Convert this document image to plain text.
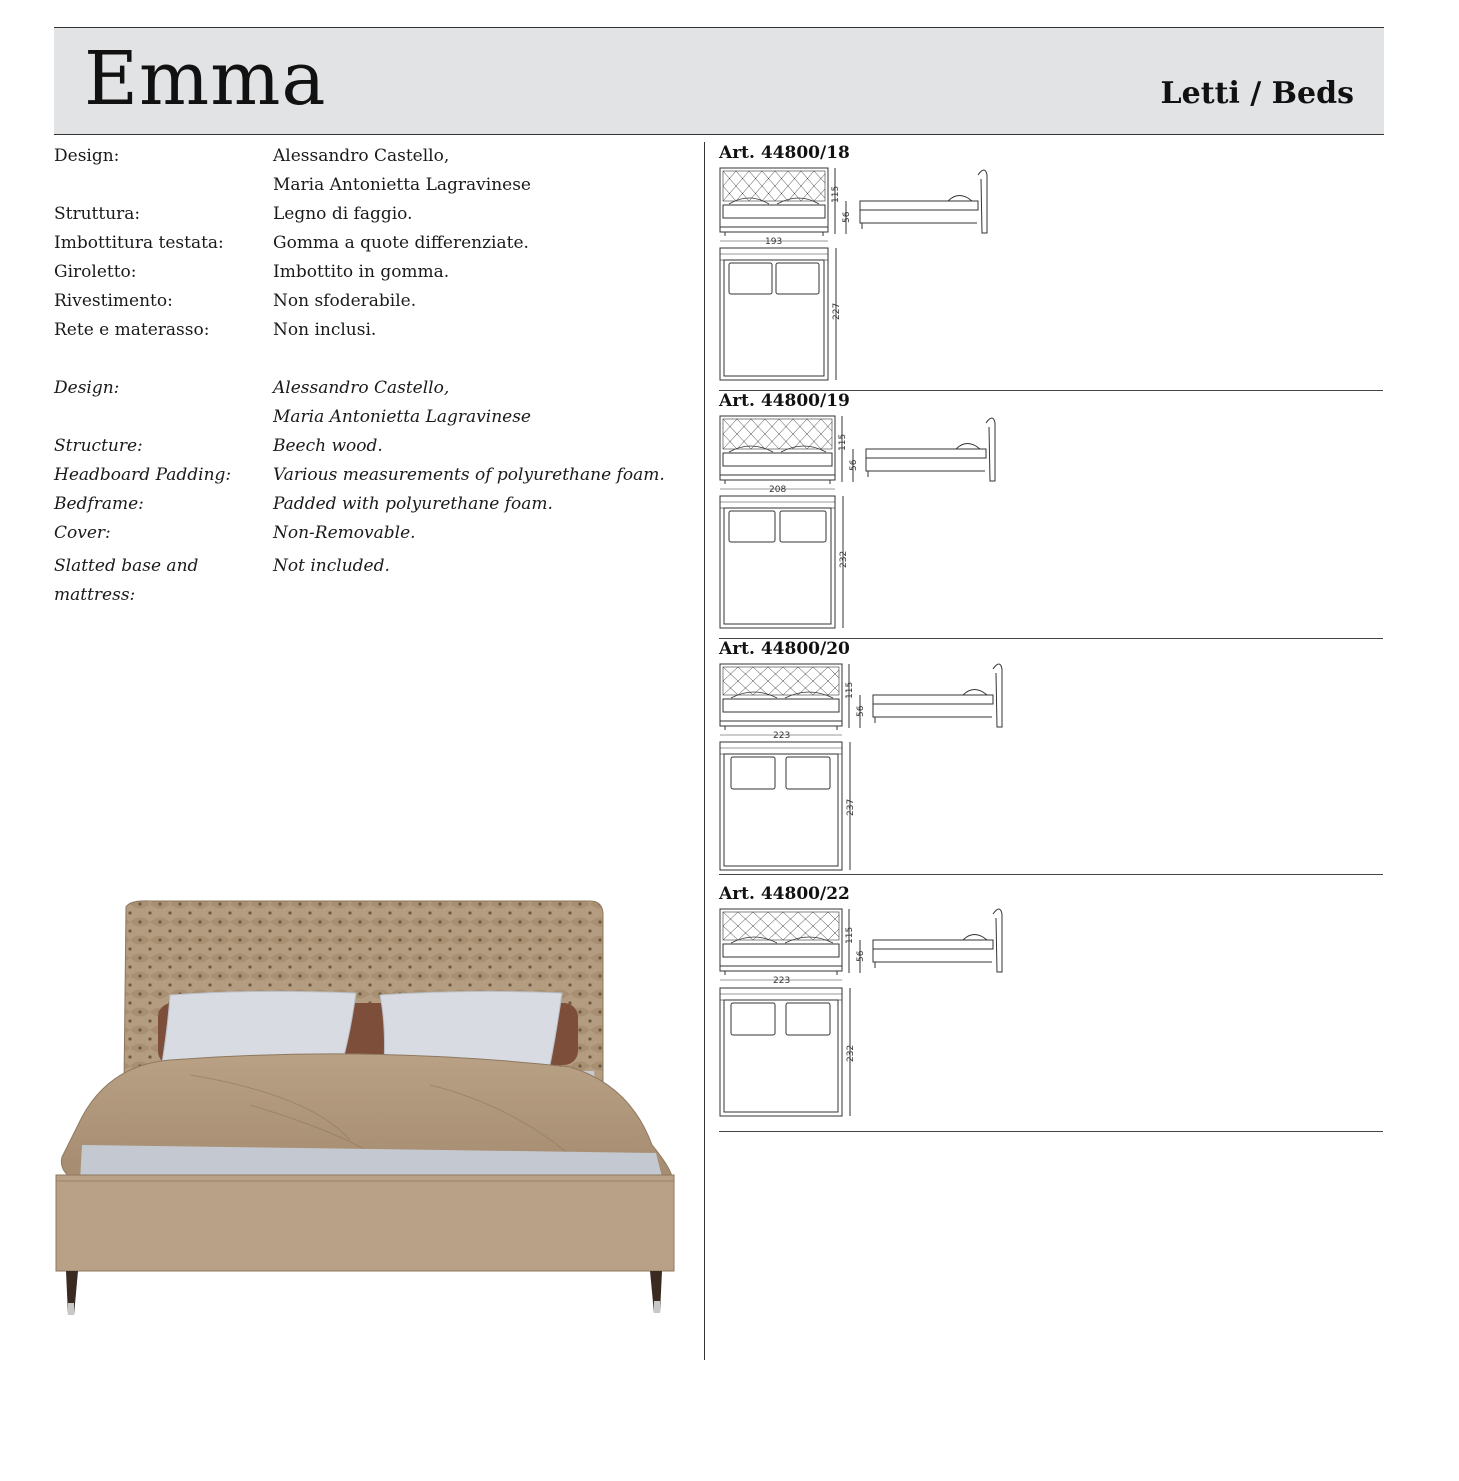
Emma	Letti / Beds
Design:	Alessandro Castello,
Maria Antonietta Lagravinese
Struttura:	Legno di faggio.
Imbottitura testata:	Gomma a quote differenziate.
Giroletto:	Imbottito in gomma.
Rivestimento:	Non sfoderabile.
Rete e materasso:	Non inclusi.
Design:	Alessandro Castello,
Maria Antonietta Lagravinese
Structure:	Beech wood.
Headboard Padding:	Various measurements of polyurethane foam.
Bedframe:	Padded with polyurethane foam.
Cover:	Non-Removable.
Slatted base and mattress:
Not included.
Art. 44800/18
115
56
193
227
Art. 44800/19
115
56
208
232
Art. 44800/20
115
56
223
237
Art. 44800/22
115
56
223
232
